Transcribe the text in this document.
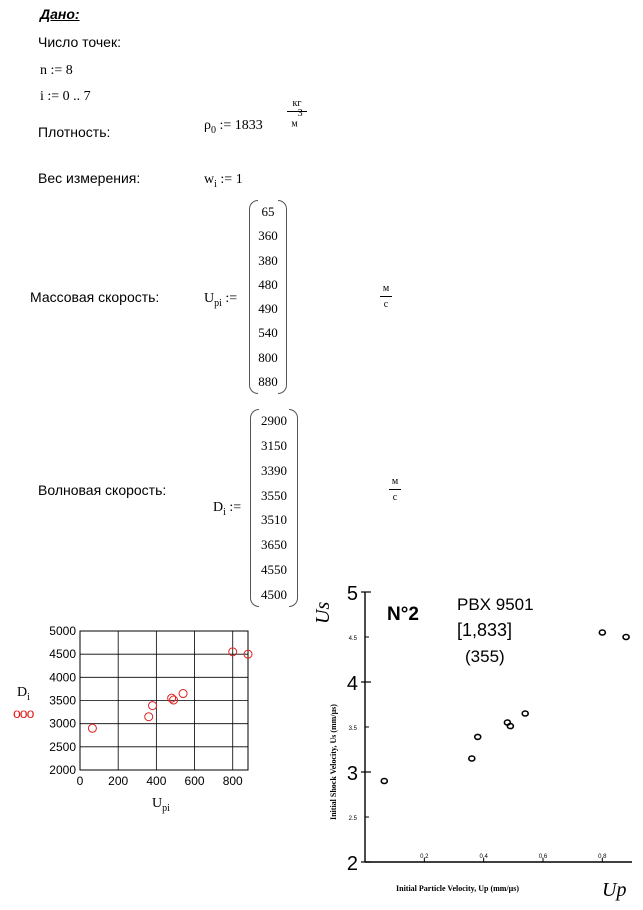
Дано:
Число точек:
n := 8
i := 0 .. 7
Плотность:	$\rho_0$ := 1833
кг
$м^3$
Вес измерения:	$w_i$ := 1
Массовая скорость:	$U_{pi}$ :=
65
360
380
480
490
540
800
880
м
с
Волновая скорость:
$D_i$ :=
2900
3150
3390
3550
3510
3650
4550
4500
м
с
$D_i$
ooo
2000
2500
3000
3500
4000
4500
5000
0 200 400 600 800
$U_{pi}$
2
3
4
5
2.5
3.5
4.5
0.2	0.4	0.6	0.8
N°2 PBX 9501
[1,833]
(355)
Initial Shock Velocity, Us (mm/µs)
Initial Particle Velocity, Up (mm/µs)
Us
Up
